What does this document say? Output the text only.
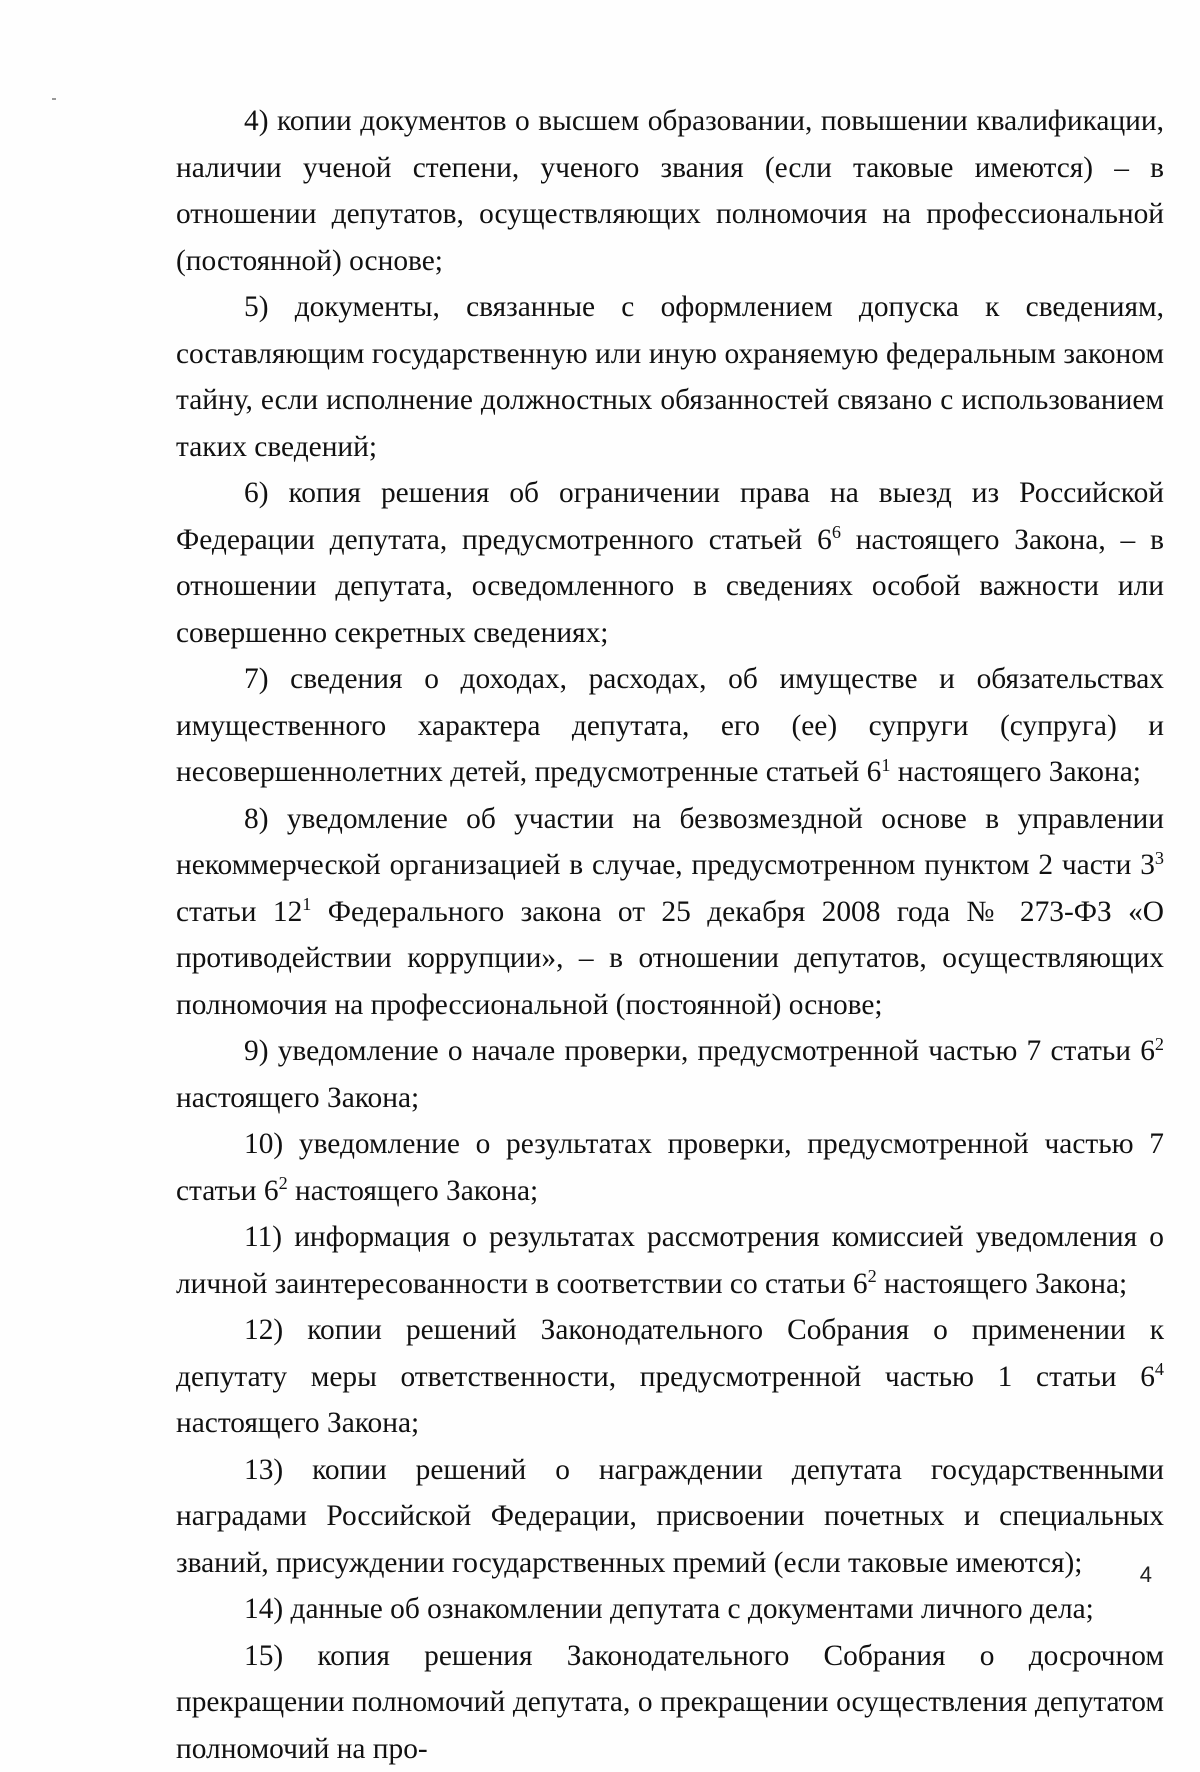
4) копии документов о высшем образовании, повышении квалификации, наличии ученой степени, ученого звания (если таковые имеются) – в отношении депутатов, осуществляющих полномочия на профессиональной (постоянной) основе;

5) документы, связанные с оформлением допуска к сведениям, составляющим государственную или иную охраняемую федеральным законом тайну, если исполнение должностных обязанностей связано с использованием таких сведений;

6) копия решения об ограничении права на выезд из Российской Федерации депутата, предусмотренного статьей $6^6$ настоящего Закона, – в отношении депутата, осведомленного в сведениях особой важности или совершенно секретных сведениях;

7) сведения о доходах, расходах, об имуществе и обязательствах имущественного характера депутата, его (ее) супруги (супруга) и несовершеннолетних детей, предусмотренные статьей $6^1$ настоящего Закона;

8) уведомление об участии на безвозмездной основе в управлении некоммерческой организацией в случае, предусмотренном пунктом 2 части $3^3$ статьи $12^1$ Федерального закона от 25 декабря 2008 года № 273-ФЗ «О противодействии коррупции», – в отношении депутатов, осуществляющих полномочия на профессиональной (постоянной) основе;

9) уведомление о начале проверки, предусмотренной частью 7 статьи $6^2$ настоящего Закона;

10) уведомление о результатах проверки, предусмотренной частью 7 статьи $6^2$ настоящего Закона;

11) информация о результатах рассмотрения комиссией уведомления о личной заинтересованности в соответствии со статьи $6^2$ настоящего Закона;

12) копии решений Законодательного Собрания о применении к депутату меры ответственности, предусмотренной частью 1 статьи $6^4$ настоящего Закона;

13) копии решений о награждении депутата государственными наградами Российской Федерации, присвоении почетных и специальных званий, присуждении государственных премий (если таковые имеются);

14) данные об ознакомлении депутата с документами личного дела;

15) копия решения Законодательного Собрания о досрочном прекращении полномочий депутата, о прекращении осуществления депутатом полномочий на про-

4
